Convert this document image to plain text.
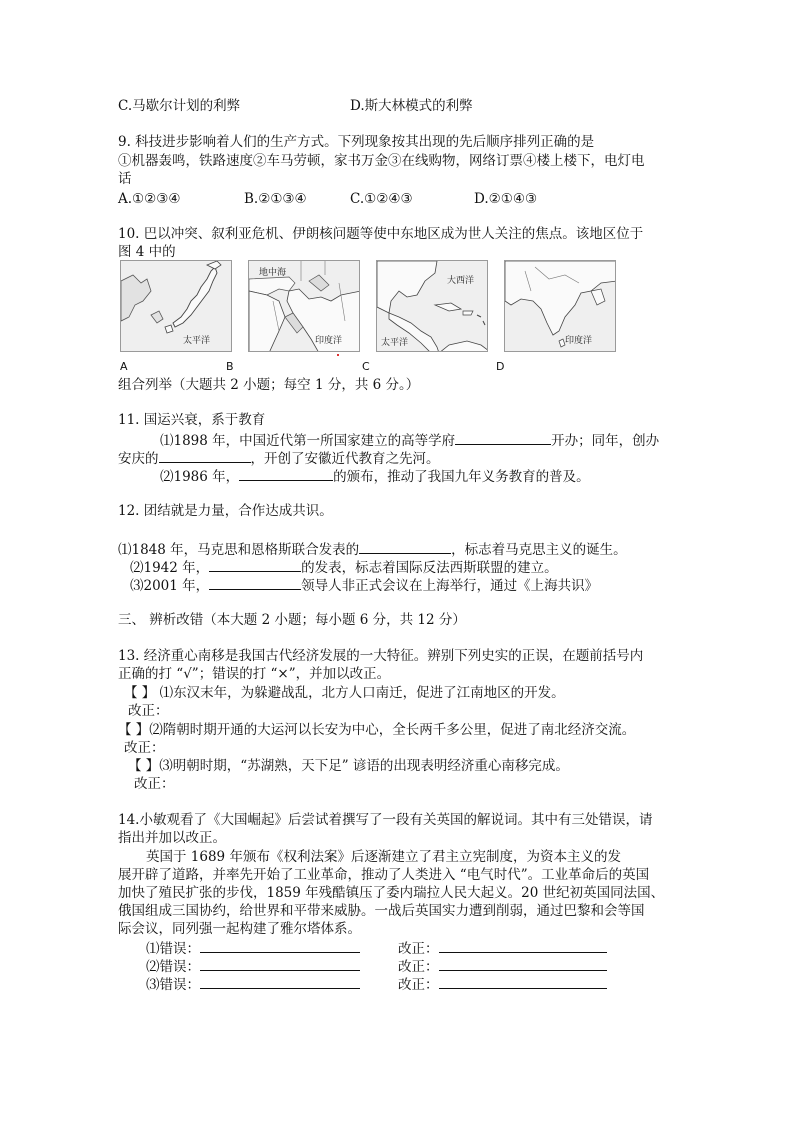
C.马歇尔计划的利弊	D.斯大林模式的利弊
9. 科技进步影响着人们的生产方式。下列现象按其出现的先后顺序排列正确的是
①机器轰鸣，铁路速度②车马劳顿，家书万金③在线购物，网络订票④楼上楼下，电灯电
话
A.①②③④	B.②①③④	C.①②④③	D.②①④③
10. 巴以冲突、叙利亚危机、伊朗核问题等使中东地区成为世人关注的焦点。该地区位于
图 4 中的
太平洋
地中海
印度洋
大西洋
太平洋	印度洋
A	B	C	D
组合列举（大题共 2 小题；每空 1 分，共 6 分。）
11. 国运兴衰，系于教育
⑴1898 年，中国近代第一所国家建立的高等学府	开办；同年，创办
安庆的	，开创了安徽近代教育之先河。
⑵1986 年，	的颁布，推动了我国九年义务教育的普及。
12. 团结就是力量，合作达成共识。
⑴1848 年，马克思和恩格斯联合发表的	，标志着马克思主义的诞生。
⑵1942 年，	的发表，标志着国际反法西斯联盟的建立。
⑶2001 年，	领导人非正式会议在上海举行，通过《上海共识》
三、 辨析改错（本大题 2 小题；每小题 6 分，共 12 分）
13. 经济重心南移是我国古代经济发展的一大特征。辨别下列史实的正误，在题前括号内
正确的打 “√”；错误的打 “×”，并加以改正。
【 】 ⑴东汉末年，为躲避战乱，北方人口南迁，促进了江南地区的开发。
改正：
【 】⑵隋朝时期开通的大运河以长安为中心，全长两千多公里，促进了南北经济交流。
改正：
【 】⑶明朝时期，“苏湖熟，天下足” 谚语的出现表明经济重心南移完成。
改正：
14.小敏观看了《大国崛起》后尝试着撰写了一段有关英国的解说词。其中有三处错误，请
指出并加以改正。
英国于 1689 年颁布《权利法案》后逐渐建立了君主立宪制度，为资本主义的发
展开辟了道路，并率先开始了工业革命，推动了人类进入 “电气时代”。工业革命后的英国
加快了殖民扩张的步伐，1859 年残酷镇压了委内瑞拉人民大起义。20 世纪初英国同法国、
俄国组成三国协约，给世界和平带来威胁。一战后英国实力遭到削弱，通过巴黎和会等国
际会议，同列强一起构建了雅尔塔体系。
⑴错误：	改正：
⑵错误：	改正：
⑶错误：	改正：
